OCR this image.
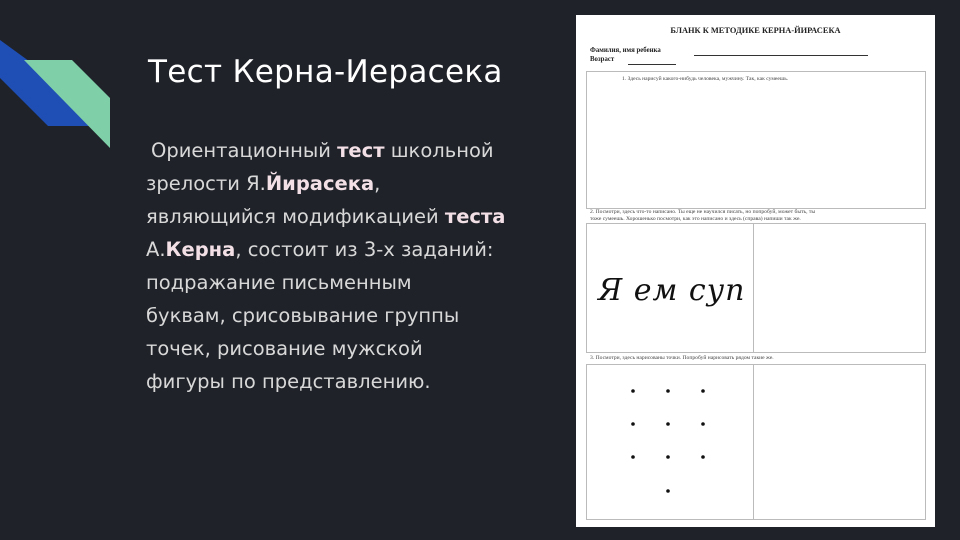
Тест Керна-Иерасека
Ориентационный тест школьной
зрелости Я.Йирасека,
являющийся модификацией теста
А.Керна, состоит из 3-х заданий:
подражание письменным
буквам, срисовывание группы
точек, рисование мужской
фигуры по представлению.
БЛАНК К МЕТОДИКЕ КЕРНА-ЙИРАСЕКА
Фамилия, имя ребенка
Возраст
1. Здесь нарисуй какого-нибудь человека, мужчину. Так, как сумеешь.
2. Посмотри, здесь что-то написано. Ты еще не научился писать, но попробуй, может быть, ты
тоже сумеешь. Хорошенько посмотри, как это написано и здесь (справа) напиши так же.
Я ем суп
3. Посмотри, здесь нарисованы точки. Попробуй нарисовать рядом такие же.
